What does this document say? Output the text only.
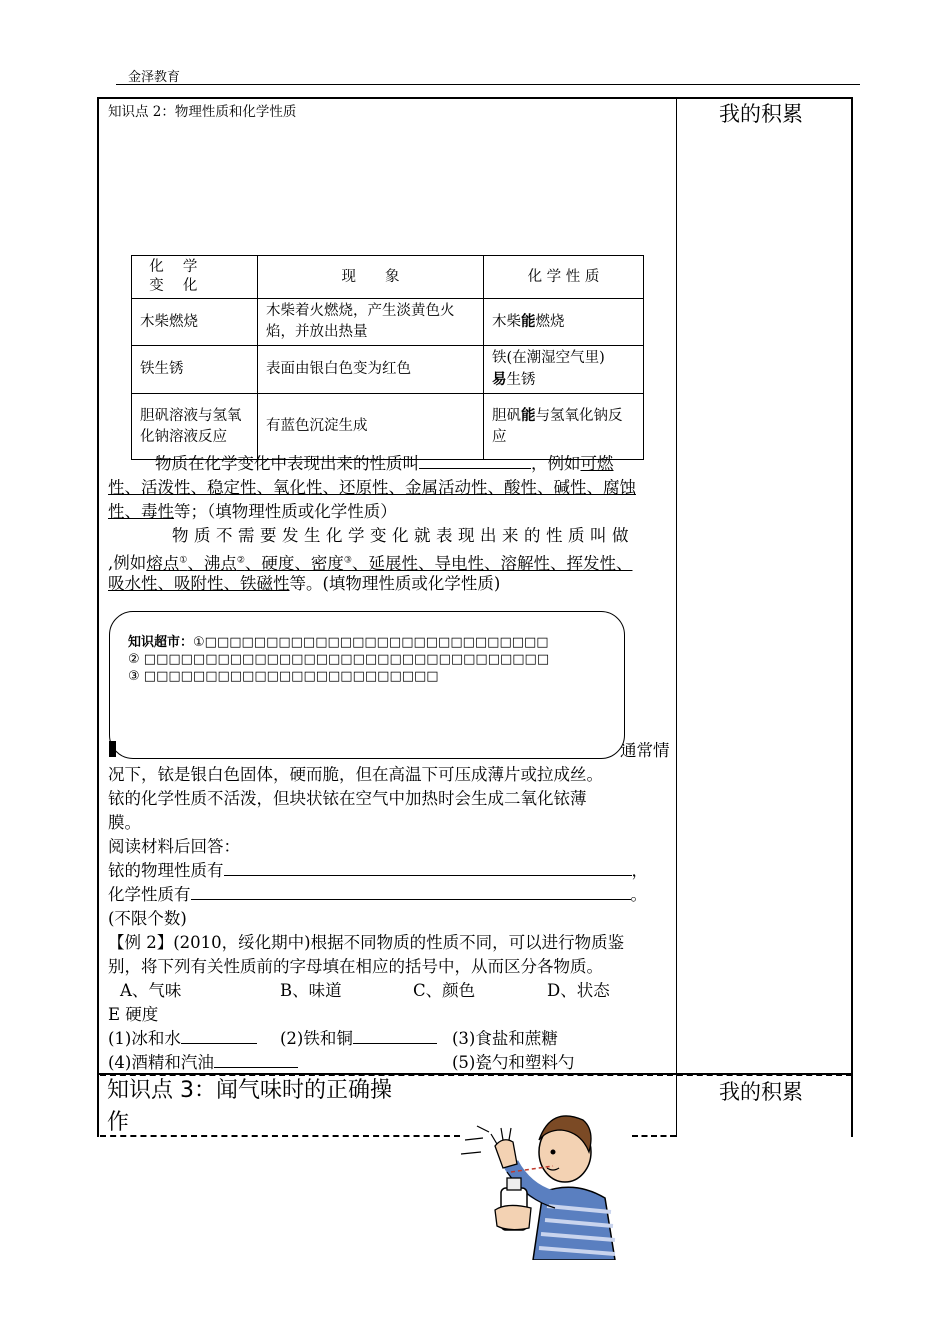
金泽教育
我的积累
知识点 2：物理性质和化学性质
化　 学
变　 化	现　　象	化 学 性 质
木柴燃烧	木柴着火燃烧，产生淡黄色火焰，并放出热量	木柴能燃烧
铁生锈	表面由银白色变为红色	铁(在潮湿空气里)
易生锈
胆矾溶液与氢氧化钠溶液反应	有蓝色沉淀生成	胆矾能与氢氧化钠反应
物质在化学变化中表现出来的性质叫	，例如可燃
性、活泼性、稳定性、氧化性、还原性、金属活动性、酸性、碱性、腐蚀
性、毒性等；（填物理性质或化学性质）
物质不需要发生化学变化就表现出来的性质叫做
,例如熔点①、沸点②、硬度、密度③、延展性、导电性、溶解性、挥发性、
吸水性、吸附性、铁磁性等。(填物理性质或化学性质)
通常情
况下，铱是银白色固体，硬而脆，但在高温下可压成薄片或拉成丝。
铱的化学性质不活泼，但块状铱在空气中加热时会生成二氧化铱薄
膜。
阅读材料后回答：
铱的物理性质有	，
化学性质有	。
(不限个数)
知识超市：①□□□□□□□□□□□□□□□□□□□□□□□□□□□□
② □□□□□□□□□□□□□□□□□□□□□□□□□□□□□□□□□
③ □□□□□□□□□□□□□□□□□□□□□□□□
【例 2】(2010，绥化期中)根据不同物质的性质不同，可以进行物质鉴
别，将下列有关性质前的字母填在相应的括号中，从而区分各物质。
A、气味	B、味道	C、颜色	D、状态
E 硬度
(1)冰和水	(2)铁和铜	(3)食盐和蔗糖
(4)酒精和汽油	(5)瓷勺和塑料勺
知识点 3：闻气味时的正确操
作
我的积累
